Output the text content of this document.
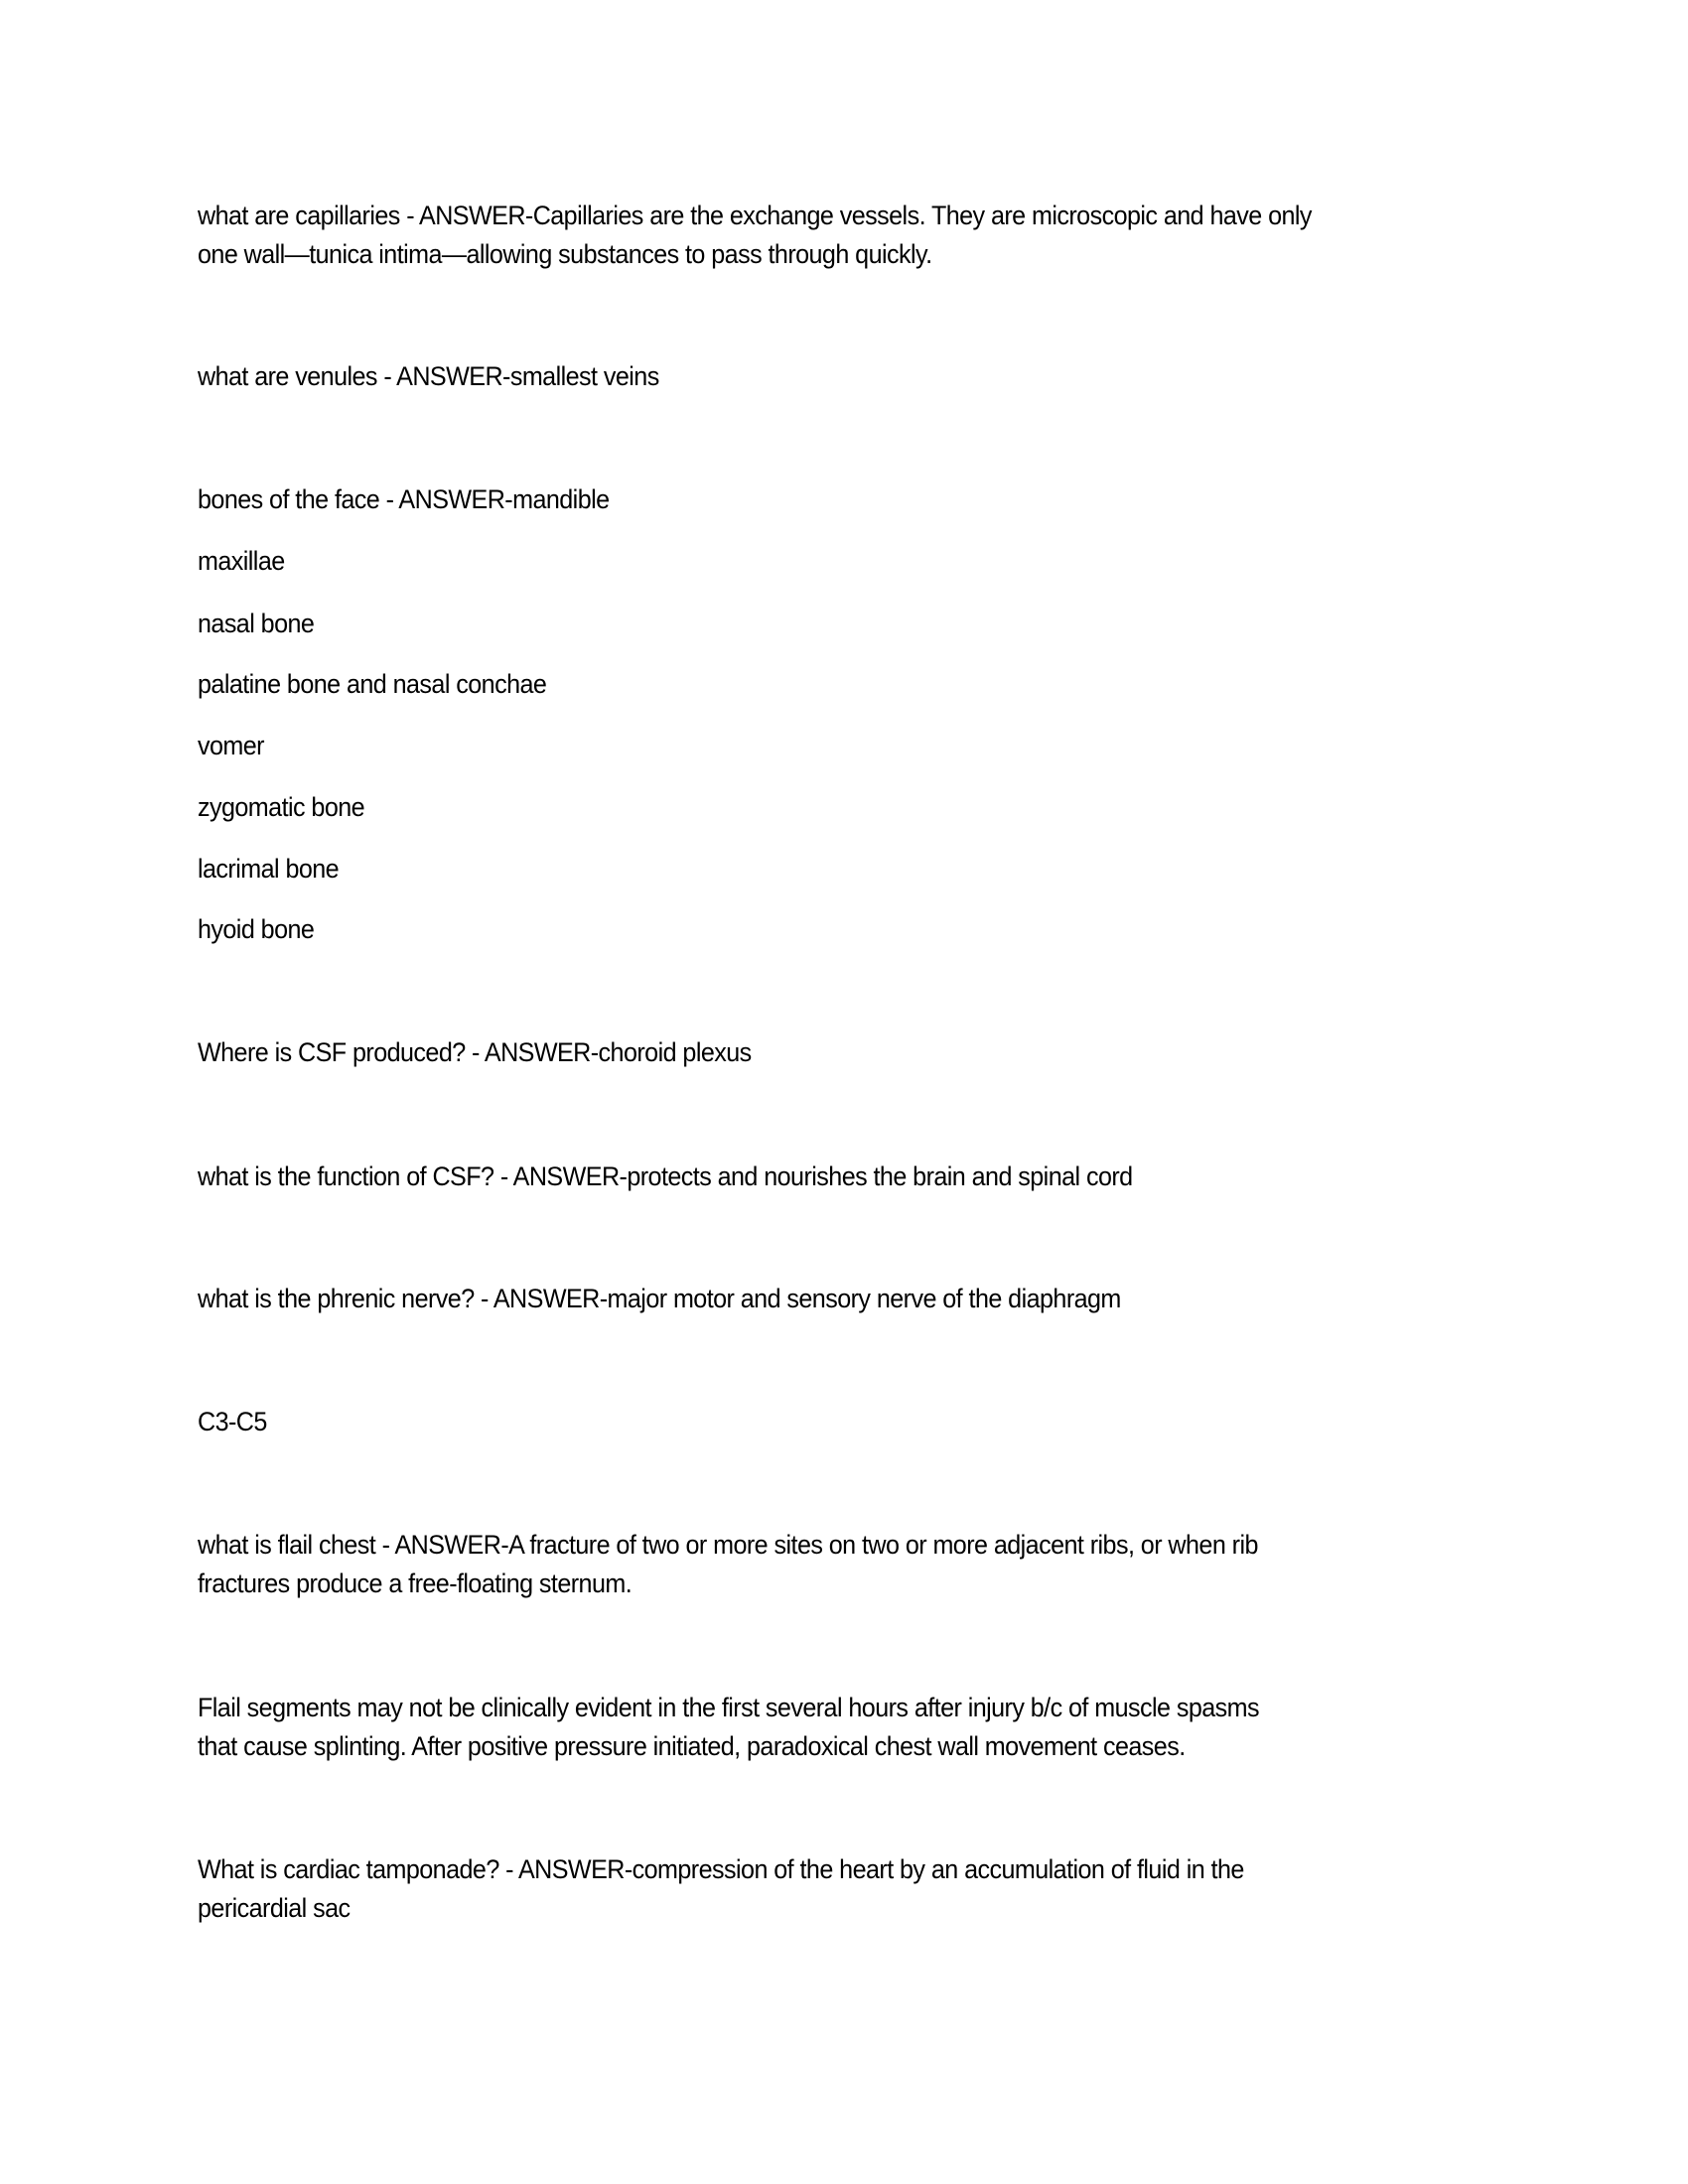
what are capillaries - ANSWER-Capillaries are the exchange vessels. They are microscopic and have only
one wall—tunica intima—allowing substances to pass through quickly.
what are venules - ANSWER-smallest veins
bones of the face - ANSWER-mandible
maxillae
nasal bone
palatine bone and nasal conchae
vomer
zygomatic bone
lacrimal bone
hyoid bone
Where is CSF produced? - ANSWER-choroid plexus
what is the function of CSF? - ANSWER-protects and nourishes the brain and spinal cord
what is the phrenic nerve? - ANSWER-major motor and sensory nerve of the diaphragm
C3-C5
what is flail chest - ANSWER-A fracture of two or more sites on two or more adjacent ribs, or when rib
fractures produce a free-floating sternum.
Flail segments may not be clinically evident in the first several hours after injury b/c of muscle spasms
that cause splinting. After positive pressure initiated, paradoxical chest wall movement ceases.
What is cardiac tamponade? - ANSWER-compression of the heart by an accumulation of fluid in the
pericardial sac
